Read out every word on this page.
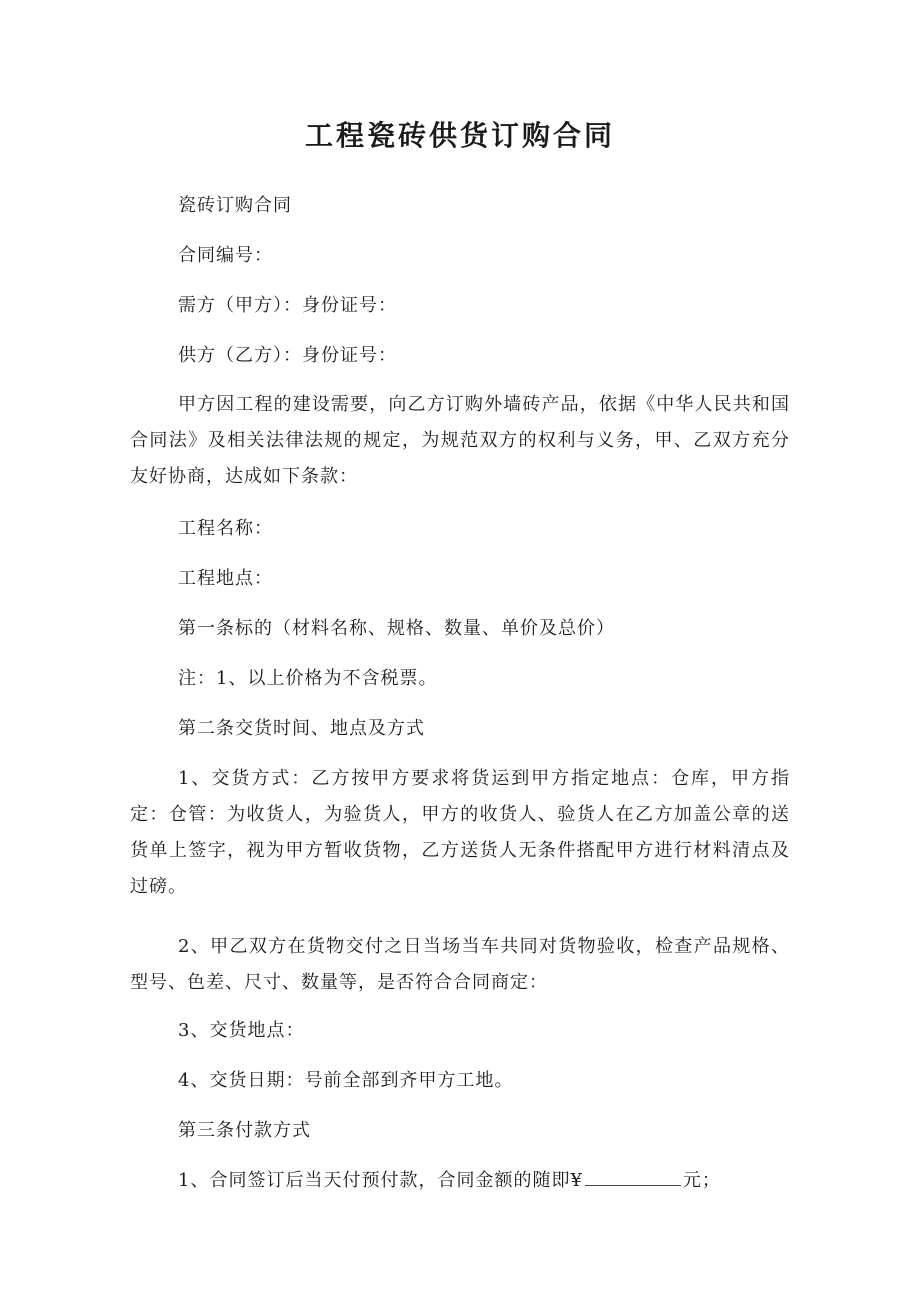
工程瓷砖供货订购合同

瓷砖订购合同

合同编号：

需方（甲方）：身份证号：

供方（乙方）：身份证号：

甲方因工程的建设需要，向乙方订购外墙砖产品，依据《中华人民共和国合同法》及相关法律法规的规定，为规范双方的权利与义务，甲、乙双方充分友好协商，达成如下条款：

工程名称：

工程地点：

第一条标的（材料名称、规格、数量、单价及总价）

注：1、以上价格为不含税票。

第二条交货时间、地点及方式

1、交货方式：乙方按甲方要求将货运到甲方指定地点：仓库，甲方指定：仓管：为收货人，为验货人，甲方的收货人、验货人在乙方加盖公章的送货单上签字，视为甲方暂收货物，乙方送货人无条件搭配甲方进行材料清点及过磅。

2、甲乙双方在货物交付之日当场当车共同对货物验收，检查产品规格、型号、色差、尺寸、数量等，是否符合合同商定：

3、交货地点：

4、交货日期：号前全部到齐甲方工地。

第三条付款方式

1、合同签订后当天付预付款，合同金额的随即¥	元；
